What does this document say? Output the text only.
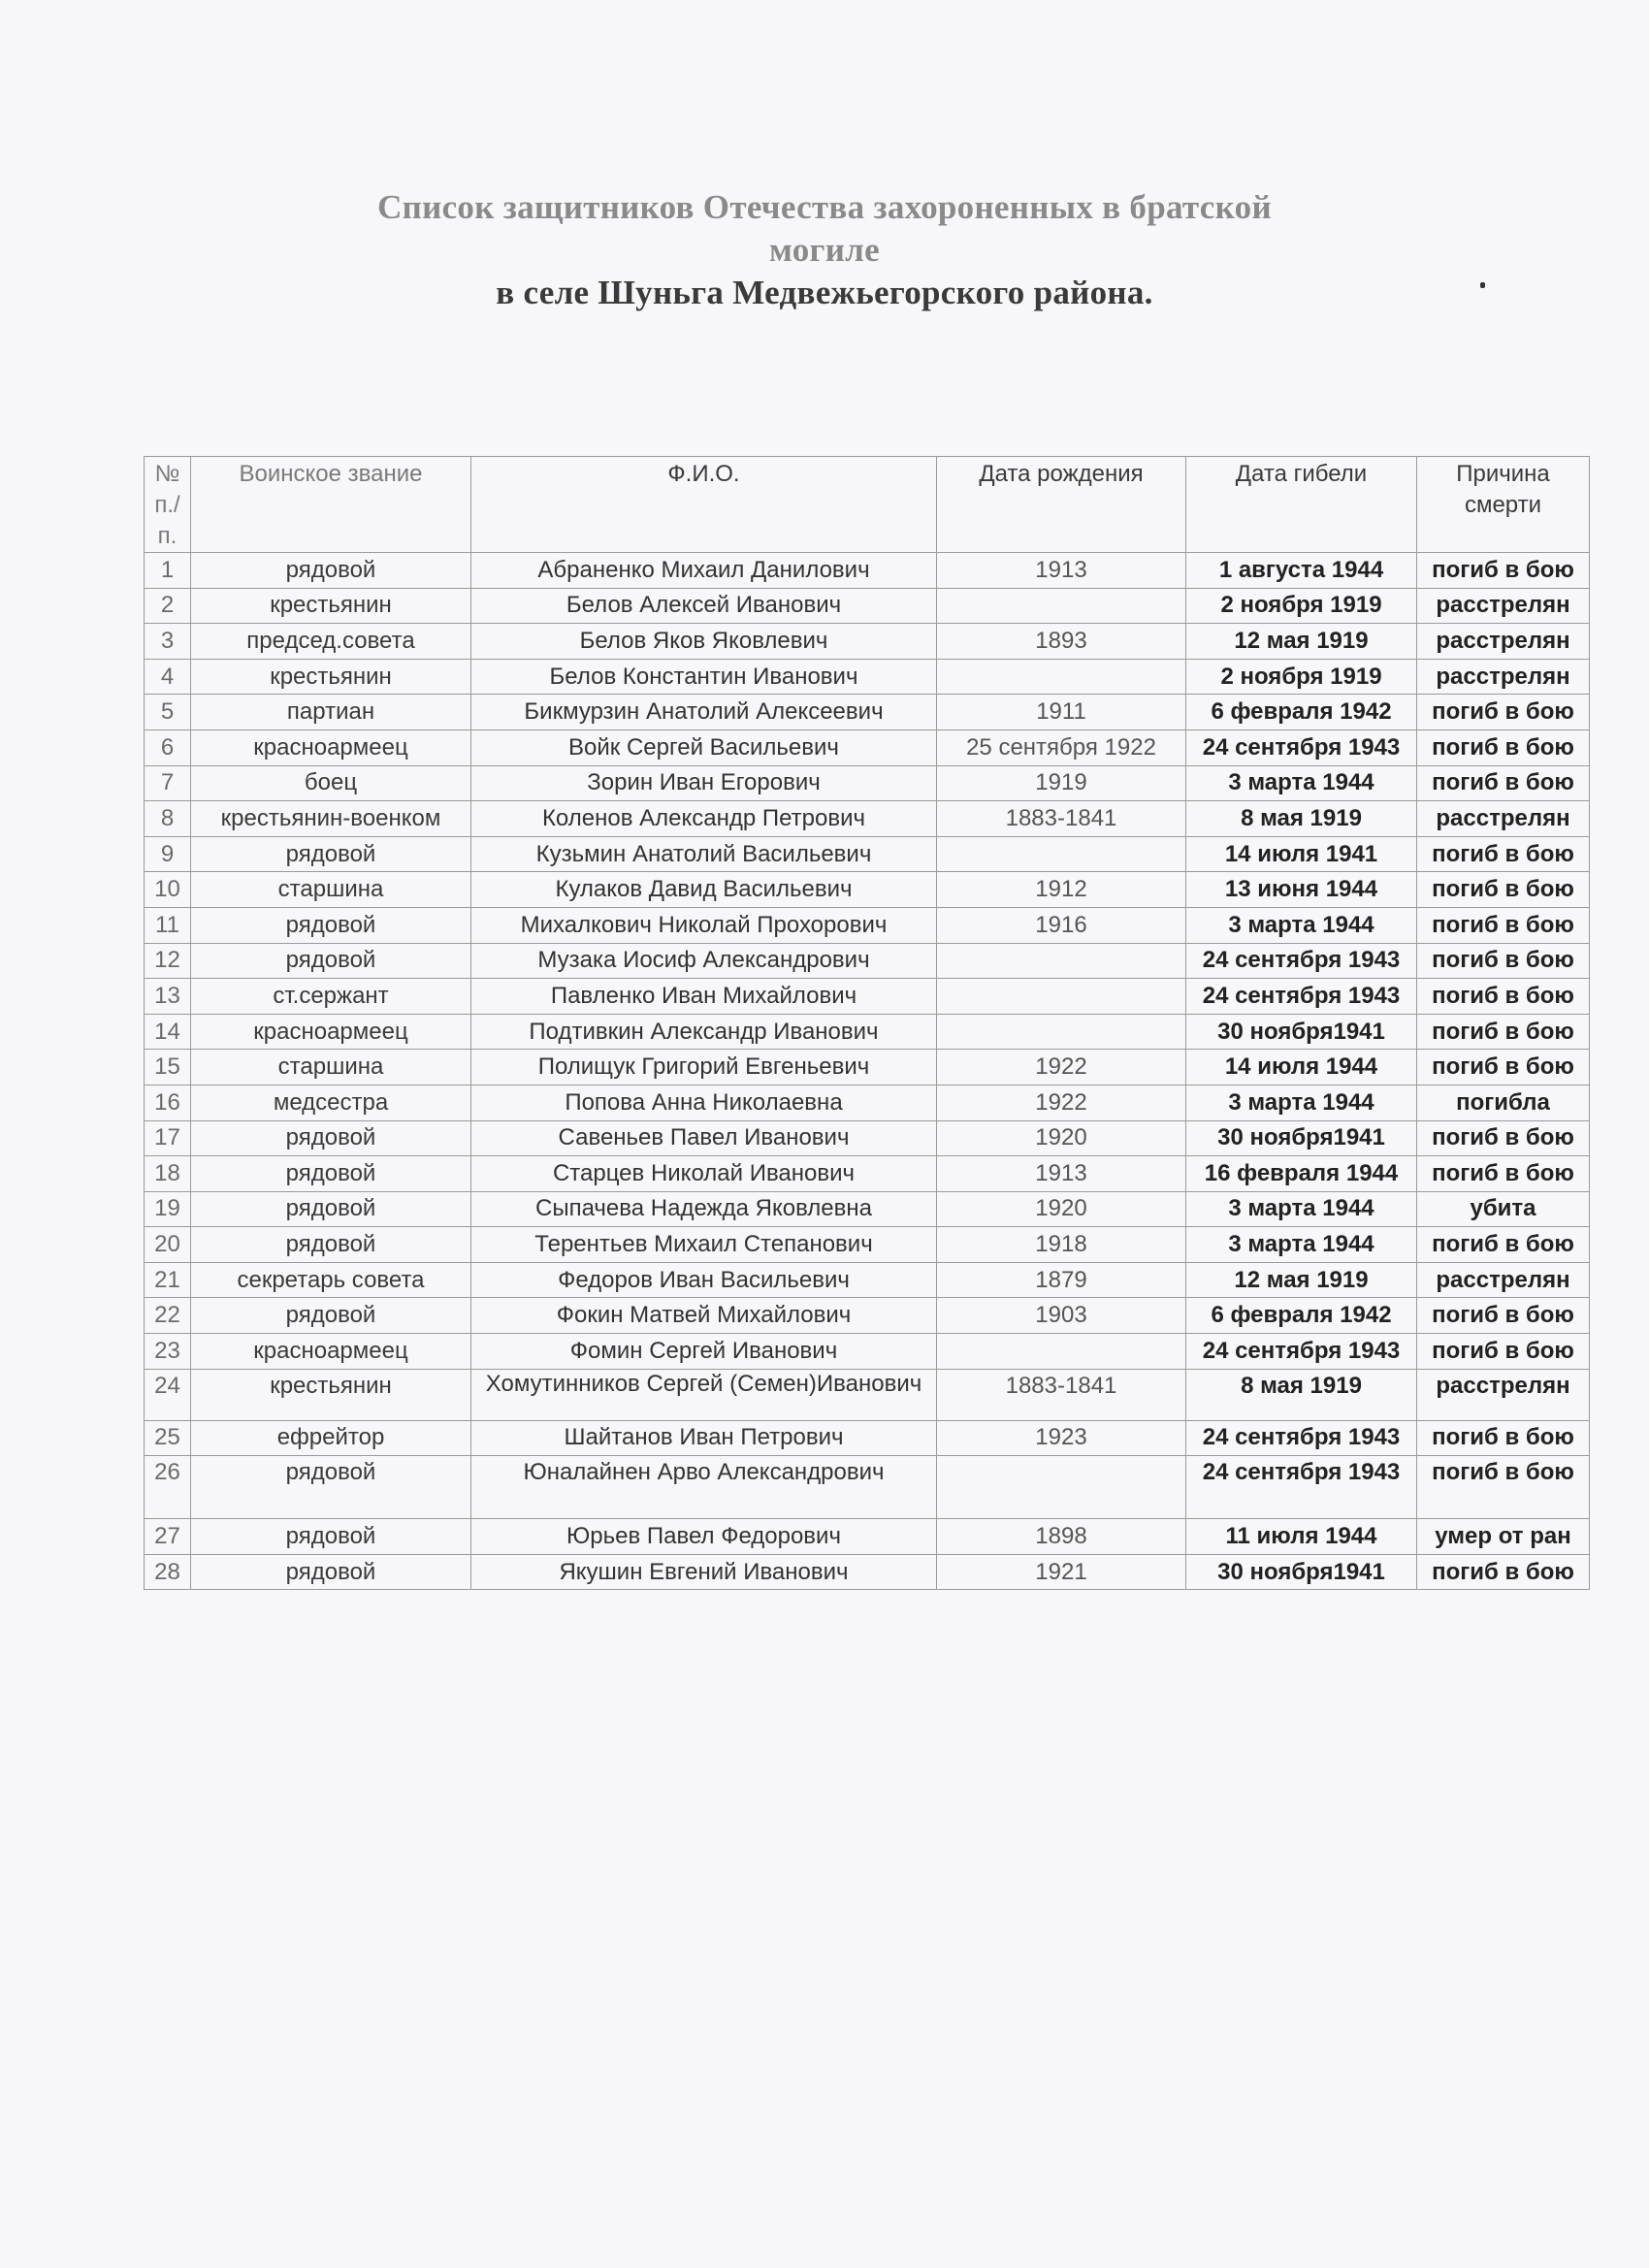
Список защитников Отечества захороненных в братской могиле
в селе Шуньга Медвежьегорского района.
№ п./ п.	Воинское звание	Ф.И.О.	Дата рождения	Дата гибели	Причина смерти
1	рядовой	Абраненко Михаил Данилович	1913	1 августа 1944	погиб в бою
2	крестьянин	Белов Алексей Иванович		2 ноября 1919	расстрелян
3	председ.совета	Белов Яков Яковлевич	1893	12 мая 1919	расстрелян
4	крестьянин	Белов Константин Иванович		2 ноября 1919	расстрелян
5	партиан	Бикмурзин Анатолий Алексеевич	1911	6 февраля 1942	погиб в бою
6	красноармеец	Войк Сергей Васильевич	25 сентября 1922	24 сентября 1943	погиб в бою
7	боец	Зорин Иван Егорович	1919	3 марта 1944	погиб в бою
8	крестьянин-военком	Коленов Александр Петрович	1883-1841	8 мая 1919	расстрелян
9	рядовой	Кузьмин Анатолий Васильевич		14 июля 1941	погиб в бою
10	старшина	Кулаков Давид Васильевич	1912	13 июня 1944	погиб в бою
11	рядовой	Михалкович Николай Прохорович	1916	3 марта 1944	погиб в бою
12	рядовой	Музака Иосиф Александрович		24 сентября 1943	погиб в бою
13	ст.сержант	Павленко Иван Михайлович		24 сентября 1943	погиб в бою
14	красноармеец	Подтивкин Александр Иванович		30 ноября1941	погиб в бою
15	старшина	Полищук Григорий Евгеньевич	1922	14 июля 1944	погиб в бою
16	медсестра	Попова Анна Николаевна	1922	3 марта 1944	погибла
17	рядовой	Савеньев Павел Иванович	1920	30 ноября1941	погиб в бою
18	рядовой	Старцев Николай Иванович	1913	16 февраля 1944	погиб в бою
19	рядовой	Сыпачева Надежда Яковлевна	1920	3 марта 1944	убита
20	рядовой	Терентьев Михаил Степанович	1918	3 марта 1944	погиб в бою
21	секретарь совета	Федоров Иван Васильевич	1879	12 мая 1919	расстрелян
22	рядовой	Фокин Матвей Михайлович	1903	6 февраля 1942	погиб в бою
23	красноармеец	Фомин Сергей Иванович		24 сентября 1943	погиб в бою
24	крестьянин	Хомутинников Сергей (Семен)Иванович	1883-1841	8 мая 1919	расстрелян
25	ефрейтор	Шайтанов Иван Петрович	1923	24 сентября 1943	погиб в бою
26	рядовой	Юналайнен Арво Александрович		24 сентября 1943	погиб в бою
27	рядовой	Юрьев Павел Федорович	1898	11 июля 1944	умер от ран
28	рядовой	Якушин Евгений Иванович	1921	30 ноября1941	погиб в бою
